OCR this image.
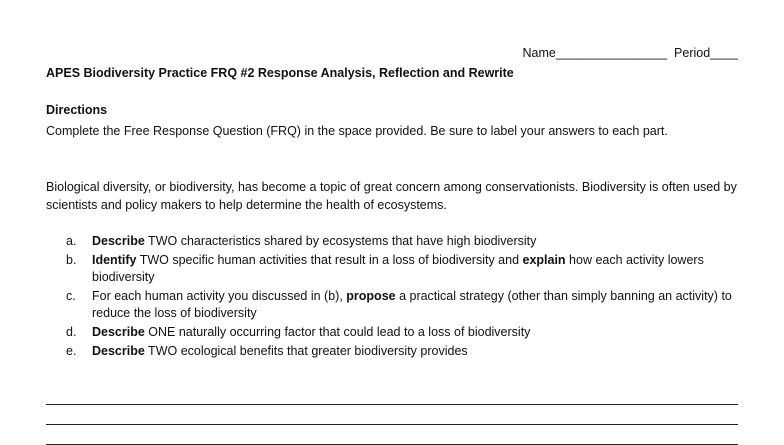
Name________________  Period____
APES Biodiversity Practice FRQ #2 Response Analysis, Reflection and Rewrite
Directions
Complete the Free Response Question (FRQ) in the space provided. Be sure to label your answers to each part.
Biological diversity, or biodiversity, has become a topic of great concern among conservationists. Biodiversity is often used by scientists and policy makers to help determine the health of ecosystems.
a. Describe TWO characteristics shared by ecosystems that have high biodiversity
b. Identify TWO specific human activities that result in a loss of biodiversity and explain how each activity lowers biodiversity
c. For each human activity you discussed in (b), propose a practical strategy (other than simply banning an activity) to reduce the loss of biodiversity
d. Describe ONE naturally occurring factor that could lead to a loss of biodiversity
e. Describe TWO ecological benefits that greater biodiversity provides
